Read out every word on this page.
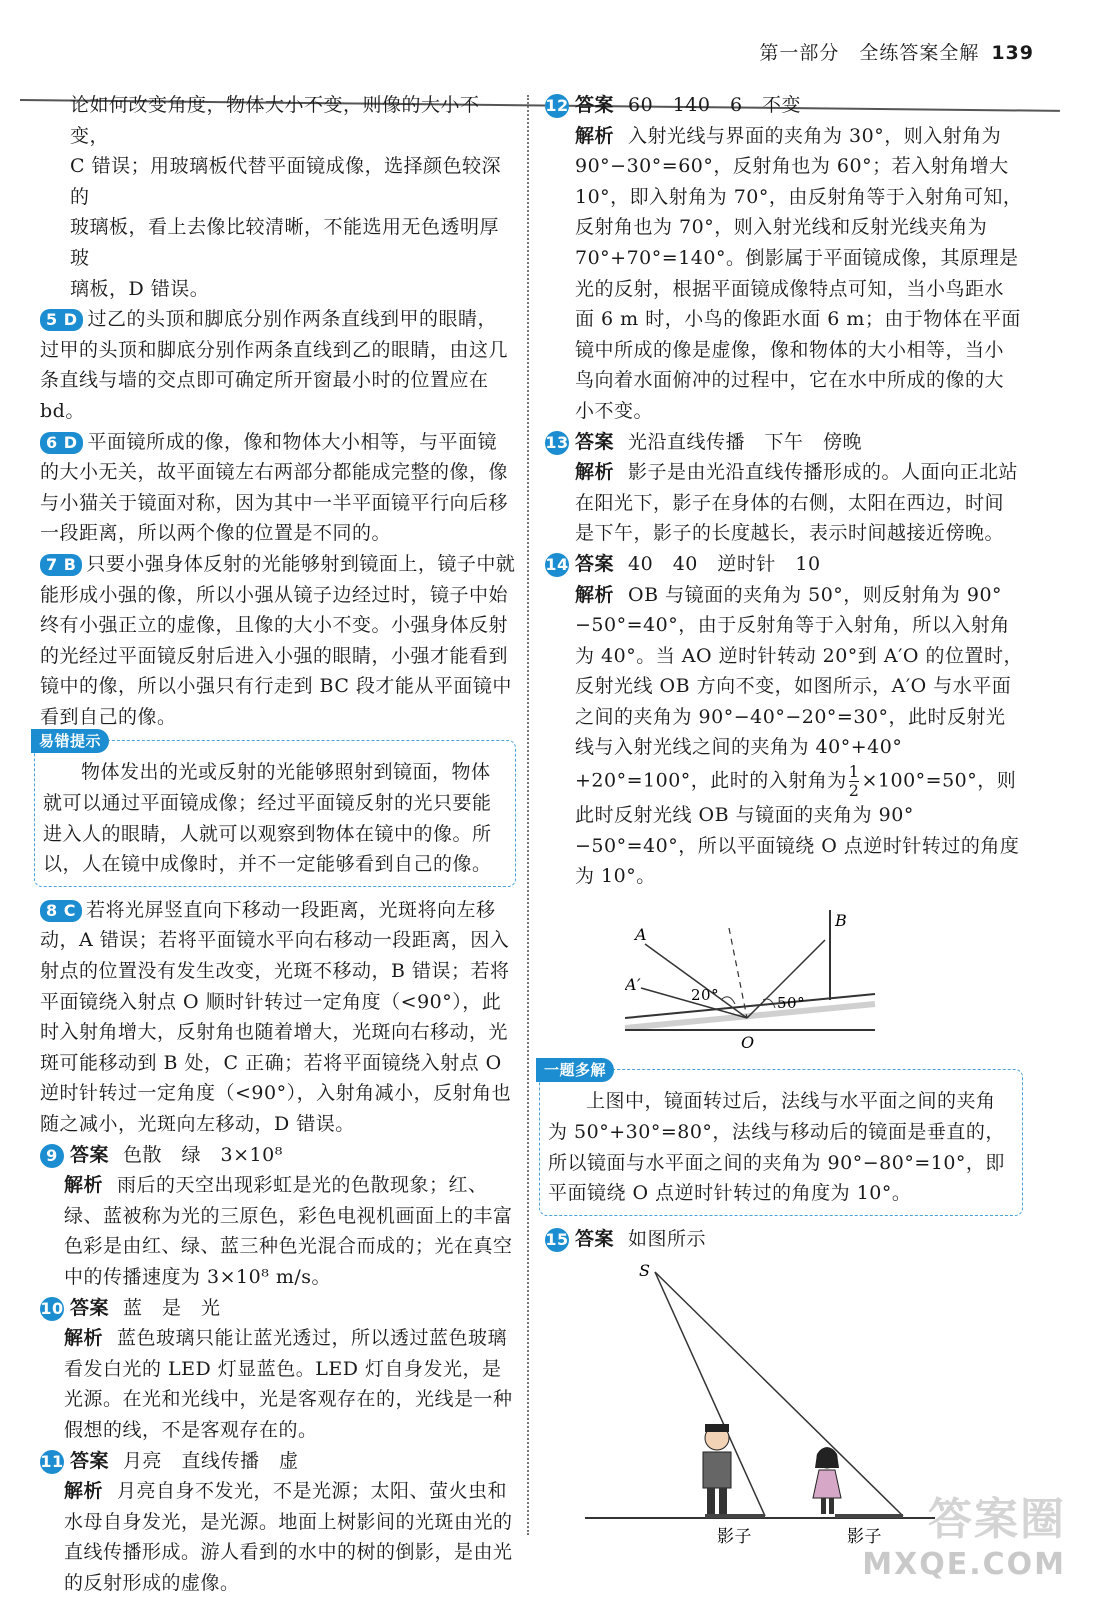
第一部分　全练答案全解 139

论如何改变角度，物体大小不变，则像的大小不变，

C 错误；用玻璃板代替平面镜成像，选择颜色较深的

玻璃板，看上去像比较清晰，不能选用无色透明厚玻

璃板，D 错误。

5 D 过乙的头顶和脚底分别作两条直线到甲的眼睛，过甲的头顶和脚底分别作两条直线到乙的眼睛，由这几条直线与墙的交点即可确定所开窗最小时的位置应在 bd。

6 D 平面镜所成的像，像和物体大小相等，与平面镜的大小无关，故平面镜左右两部分都能成完整的像，像与小猫关于镜面对称，因为其中一半平面镜平行向后移一段距离，所以两个像的位置是不同的。

7 B 只要小强身体反射的光能够射到镜面上，镜子中就能形成小强的像，所以小强从镜子边经过时，镜子中始终有小强正立的虚像，且像的大小不变。小强身体反射的光经过平面镜反射后进入小强的眼睛，小强才能看到镜中的像，所以小强只有行走到 BC 段才能从平面镜中看到自己的像。

易错提示

物体发出的光或反射的光能够照射到镜面，物体就可以通过平面镜成像；经过平面镜反射的光只要能进入人的眼睛，人就可以观察到物体在镜中的像。所以，人在镜中成像时，并不一定能够看到自己的像。

8 C 若将光屏竖直向下移动一段距离，光斑将向左移动，A 错误；若将平面镜水平向右移动一段距离，因入射点的位置没有发生改变，光斑不移动，B 错误；若将平面镜绕入射点 O 顺时针转过一定角度（<90°），此时入射角增大，反射角也随着增大，光斑向右移动，光斑可能移动到 B 处，C 正确；若将平面镜绕入射点 O 逆时针转过一定角度（<90°），入射角减小，反射角也随之减小，光斑向左移动，D 错误。

9 答案 色散　绿　3×10⁸

解析 雨后的天空出现彩虹是光的色散现象；红、绿、蓝被称为光的三原色，彩色电视机画面上的丰富色彩是由红、绿、蓝三种色光混合而成的；光在真空中的传播速度为 3×10⁸ m/s。

10 答案 蓝　是　光

解析 蓝色玻璃只能让蓝光透过，所以透过蓝色玻璃看发白光的 LED 灯显蓝色。LED 灯自身发光，是光源。在光和光线中，光是客观存在的，光线是一种假想的线，不是客观存在的。

11 答案 月亮　直线传播　虚

解析 月亮自身不发光，不是光源；太阳、萤火虫和水母自身发光，是光源。地面上树影间的光斑由光的直线传播形成。游人看到的水中的树的倒影，是由光的反射形成的虚像。

12 答案 60　140　6　不变

解析 入射光线与界面的夹角为 30°，则入射角为 90°−30°=60°，反射角也为 60°；若入射角增大 10°，即入射角为 70°，由反射角等于入射角可知，反射角也为 70°，则入射光线和反射光线夹角为 70°+70°=140°。倒影属于平面镜成像，其原理是光的反射，根据平面镜成像特点可知，当小鸟距水面 6 m 时，小鸟的像距水面 6 m；由于物体在平面镜中所成的像是虚像，像和物体的大小相等，当小鸟向着水面俯冲的过程中，它在水中所成的像的大小不变。

13 答案 光沿直线传播　下午　傍晚

解析 影子是由光沿直线传播形成的。人面向正北站在阳光下，影子在身体的右侧，太阳在西边，时间是下午，影子的长度越长，表示时间越接近傍晚。

14 答案 40　40　逆时针　10

解析 OB 与镜面的夹角为 50°，则反射角为 90°−50°=40°，由于反射角等于入射角，所以入射角为 40°。当 AO 逆时针转动 20°到 A′O 的位置时，反射光线 OB 方向不变，如图所示，A′O 与水平面之间的夹角为 90°−40°−20°=30°，此时反射光线与入射光线之间的夹角为 40°+40°+20°=100°，此时的入射角为 $\frac{1}{2} \times 100^\circ=50^\circ$，则此时反射光线 OB 与镜面的夹角为 90°−50°=40°，所以平面镜绕 O 点逆时针转过的角度为 10°。

A
A′
B
O
20°	50°
一题多解

上图中，镜面转过后，法线与水平面之间的夹角为 50°+30°=80°，法线与移动后的镜面是垂直的，所以镜面与水平面之间的夹角为 90°−80°=10°，即平面镜绕 O 点逆时针转过的角度为 10°。

15 答案 如图所示

S
影子	影子	答案圈
MXQE.COM
